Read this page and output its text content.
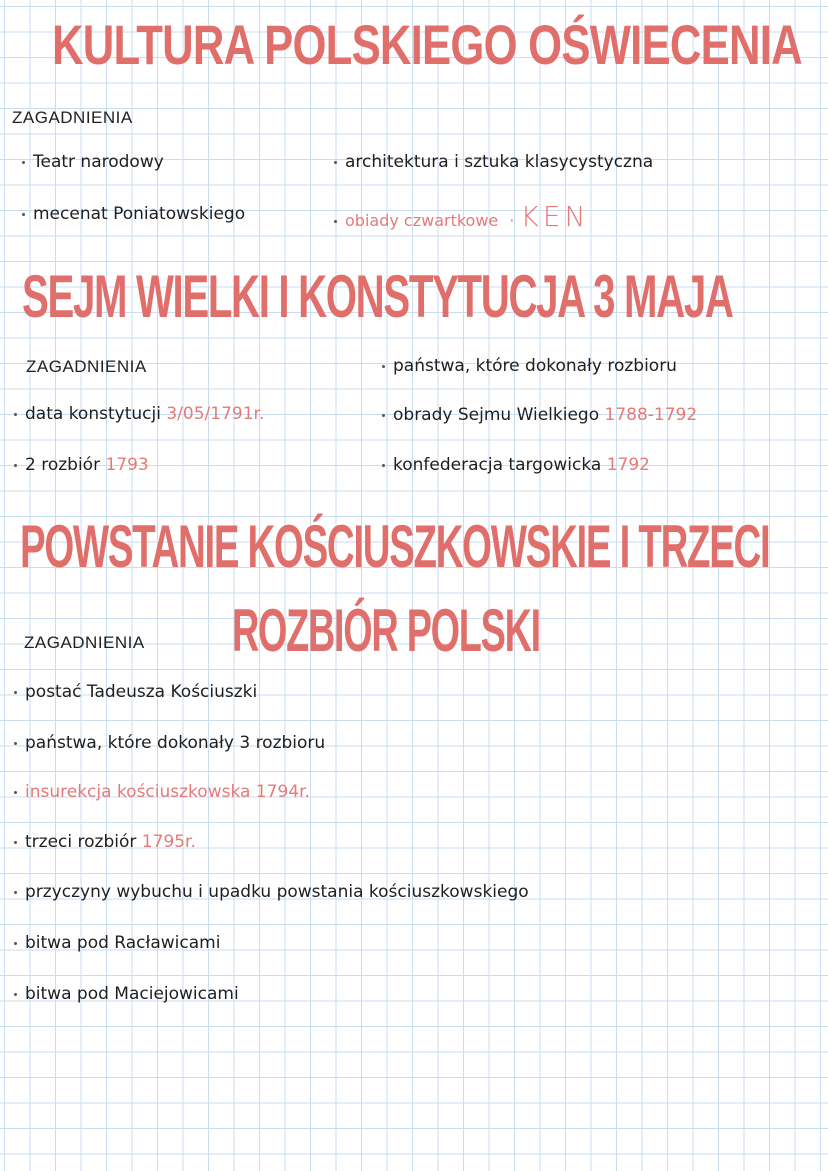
KULTURA POLSKIEGO OŚWIECENIA

ZAGADNIENIA

Teatr narodowy

mecenat Poniatowskiego

architektura i sztuka klasycystyczna

obiady czwartkowe · KEN

SEJM WIELKI I KONSTYTUCJA 3 MAJA

ZAGADNIENIA

data konstytucji 3/05/1791r.

2 rozbiór 1793

państwa, które dokonały rozbioru

obrady Sejmu Wielkiego 1788-1792

konfederacja targowicka 1792

POWSTANIE KOŚCIUSZKOWSKIE I TRZECI
ROZBIÓR POLSKI

ZAGADNIENIA

postać Tadeusza Kościuszki

państwa, które dokonały 3 rozbioru

insurekcja kościuszkowska 1794r.

trzeci rozbiór 1795r.

przyczyny wybuchu i upadku powstania kościuszkowskiego

bitwa pod Racławicami

bitwa pod Maciejowicami
